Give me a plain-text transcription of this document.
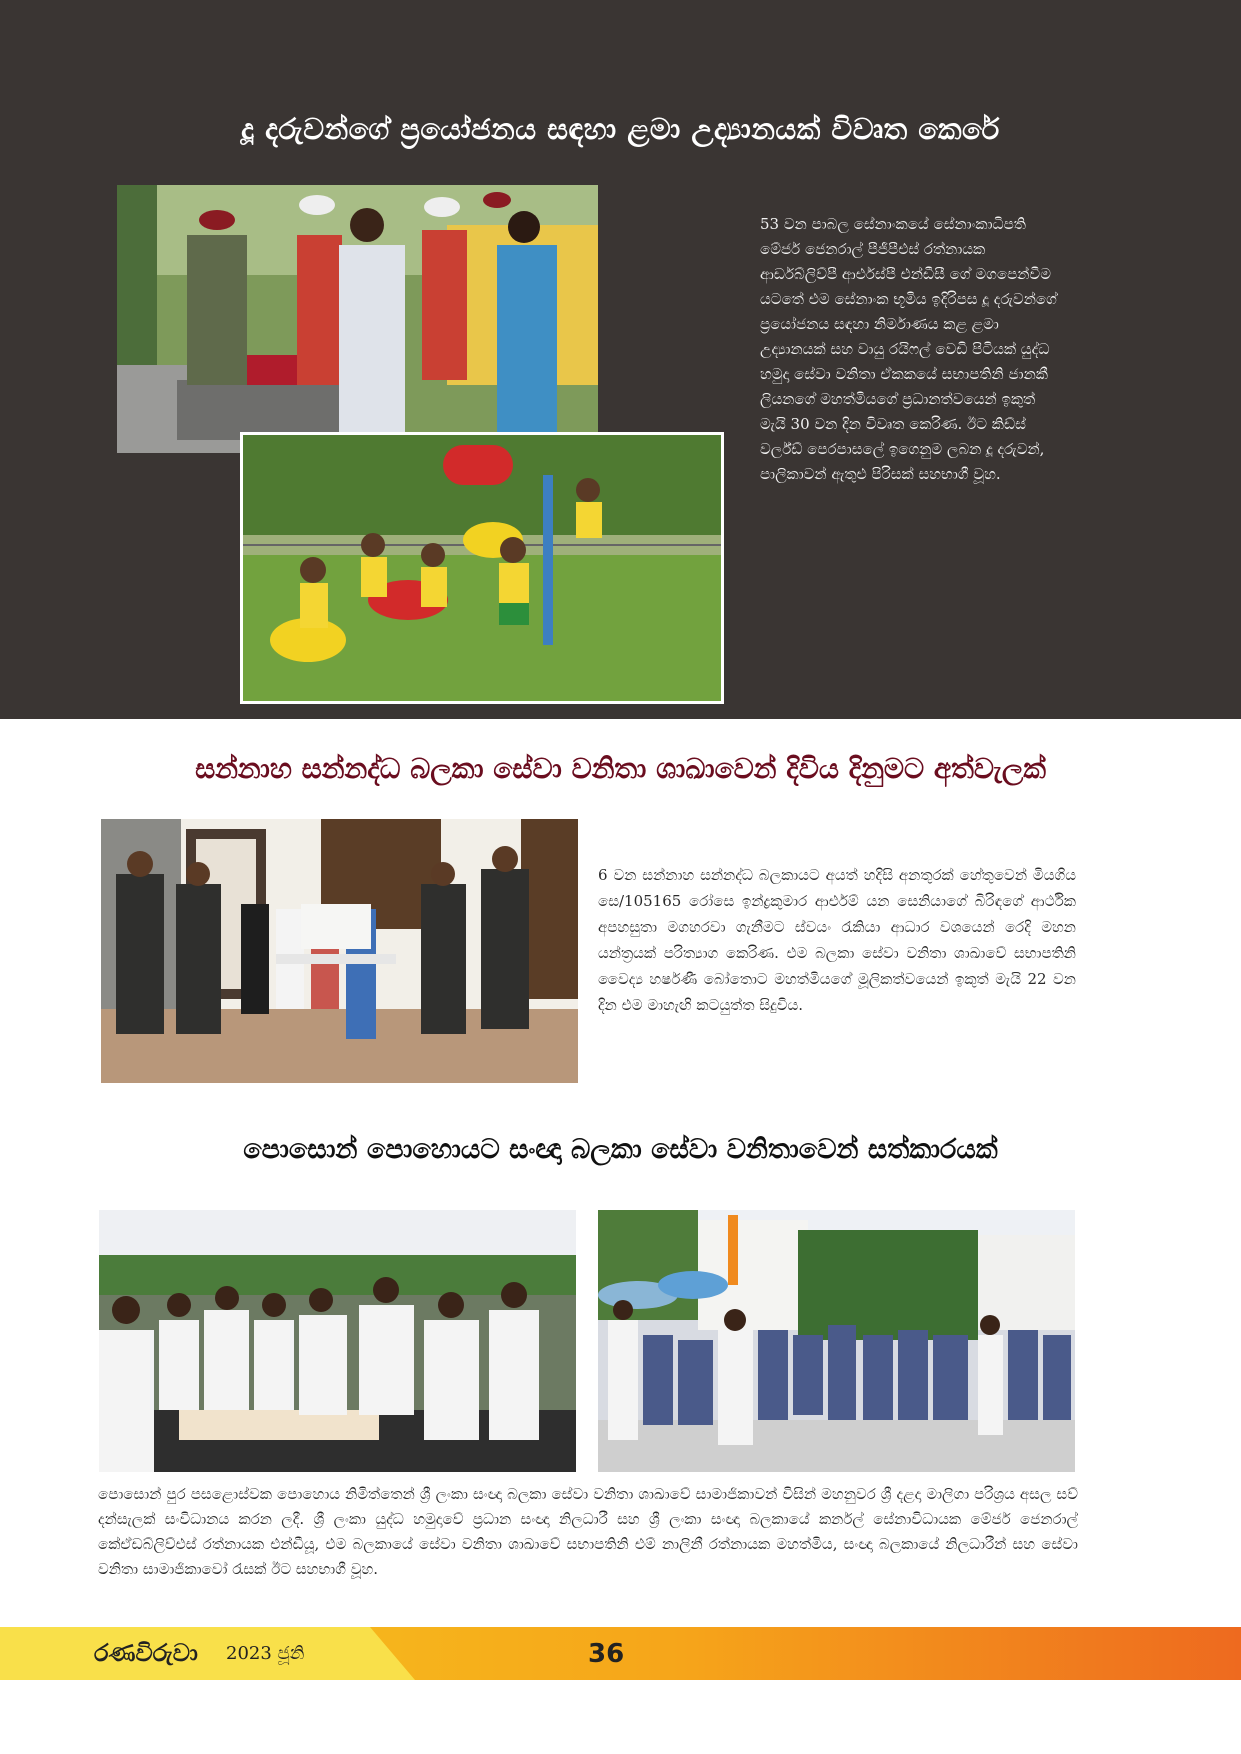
දූ දරුවන්ගේ ප්‍රයෝජනය සඳහා ළමා උද්‍යානයක් විවෘත කෙරේ
53 වන පාබල සේනාංකයේ සේනාංකාධිපති මේජර් ජෙනරාල් පීජීපීඑස් රත්නායක ආර්ඩබ්ලිව්පී ආර්එස්පී එන්ඩීසී ගේ මගපෙන්වීම යටතේ එම සේනාංක භූමිය ඉදිරිපස දූ දරුවන්ගේ ප්‍රයෝජනය සඳහා නිර්මාණය කළ ළමා උද්‍යානයක් සහ වායු රයිෆල් වෙඩි පිටියක් යුද්ධ හමුදා සේවා වනිතා ඒකකයේ සභාපතිනි ජානකී ලියනගේ මහත්මියගේ ප්‍රධානත්වයෙන් ඉකුත් මැයි 30 වන දින විවෘත කෙරිණ. ඊට කිඩ්ස් වර්ල්ඩ් පෙරපාසලේ ඉගෙනුම ලබන දූ දරුවන්, පාලිකාවන් ඇතුළු පිරිසක් සහභාගී වූහ.
සන්නාහ සන්නද්ධ බලකා සේවා වනිතා ශාඛාවෙන් දිවිය දිනුමට අත්වැලක්
6 වන සන්නාහ සන්නද්ධ බලකායට අයත් හදිසි අනතුරක් හේතුවෙන් මියගිය සෙ/105165 රෝසෙ ඉන්ද්‍රකුමාර ආර්එම් යන සෙනියාගේ බිරිඳගේ ආර්ථික අපහසුතා මගහරවා ගැනීමට ස්වයං රැකියා ආධාර වශයෙන් රෙදි මහන යන්ත්‍රයක් පරිත්‍යාග කෙරිණ. එම බලකා සේවා වනිතා ශාඛාවේ සභාපතිනි වෛද්‍ය හර්ෂණී බෝතොට මහත්මියගේ මූලිකත්වයෙන් ඉකුත් මැයි 22 වන දින එම මාහැඟි කටයුත්ත සිදුවිය.
පොසොන් පොහොයට සංඥා බලකා සේවා වනිතාවෙන් සත්කාරයක්
පොසොන් පුර පසළොස්වක පොහොය නිමිත්තෙන් ශ්‍රී ලංකා සංඥා බලකා සේවා වනිතා ශාඛාවේ සාමාජිකාවන් විසින් මහනුවර ශ්‍රී දළදා මාලිගා පරිශ්‍රය අසල සව් දන්සැලක් සංවිධානය කරන ලදී. ශ්‍රී ලංකා යුද්ධ හමුදාවේ ප්‍රධාන සංඥා නිලධාරී සහ ශ්‍රී ලංකා සංඥා බලකායේ කර්නල් සේනාවිධායක මේජර් ජෙනරාල් කේඒඩබ්ලිව්එස් රත්නායක එන්ඩීයූ, එම බලකායේ සේවා වනිතා ශාඛාවේ සභාපතිනි එම් නාලිනී රත්නායක මහත්මිය, සංඥා බලකායේ නිලධාරීන් සහ සේවා වනිතා සාමාජිකාවෝ රැසක් ඊට සහභාගී වූහ.
රණවිරුවා 2023 ජූනි	36
